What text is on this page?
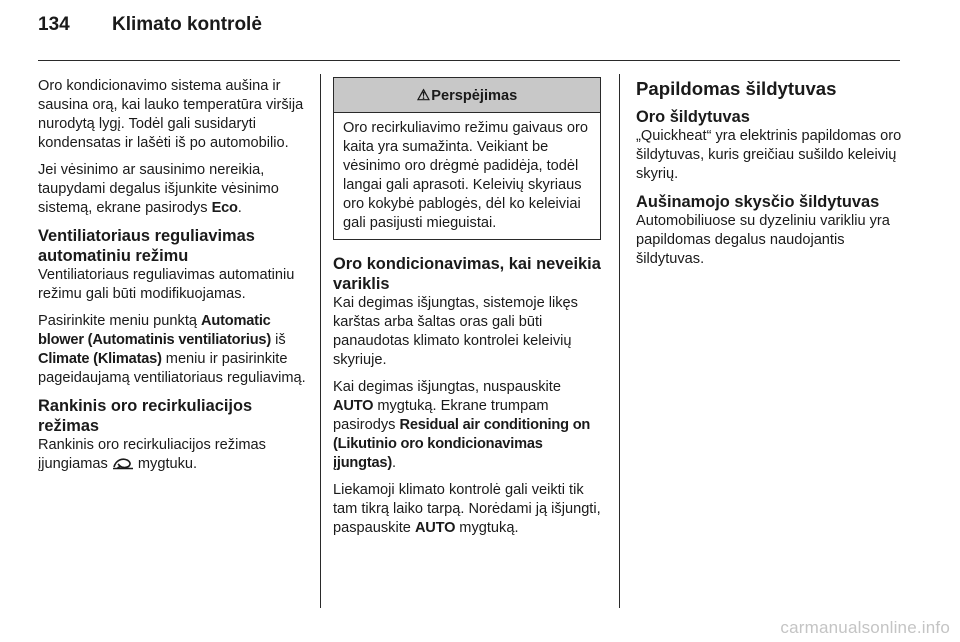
134 Klimato kontrolė

Oro kondicionavimo sistema aušina ir sausina orą, kai lauko temperatūra viršija nurodytą lygį. Todėl gali susidaryti kondensatas ir lašėti iš po automobilio.

Jei vėsinimo ar sausinimo nereikia, taupydami degalus išjunkite vėsinimo sistemą, ekrane pasirodys Eco.

Ventiliatoriaus reguliavimas automatiniu režimu

Ventiliatoriaus reguliavimas automatiniu režimu gali būti modifikuojamas.

Pasirinkite meniu punktą Automatic blower (Automatinis ventiliatorius) iš Climate (Klimatas) meniu ir pasirinkite pageidaujamą ventiliatoriaus reguliavimą.

Rankinis oro recirkuliacijos režimas

Rankinis oro recirkuliacijos režimas įjungiamas  mygtuku.

⚠Perspėjimas
Oro recirkuliavimo režimu gaivaus oro kaita yra sumažinta. Veikiant be vėsinimo oro drėgmė padidėja, todėl langai gali aprasoti. Keleivių skyriaus oro kokybė pablogės, dėl ko keleiviai gali pasijusti mieguistai.
Oro kondicionavimas, kai neveikia variklis

Kai degimas išjungtas, sistemoje likęs karštas arba šaltas oras gali būti panaudotas klimato kontrolei keleivių skyriuje.

Kai degimas išjungtas, nuspauskite AUTO mygtuką. Ekrane trumpam pasirodys Residual air conditioning on (Likutinio oro kondicionavimas įjungtas).

Liekamoji klimato kontrolė gali veikti tik tam tikrą laiko tarpą. Norėdami ją išjungti, paspauskite AUTO mygtuką.

Papildomas šildytuvas
Oro šildytuvas

„Quickheat“ yra elektrinis papildomas oro šildytuvas, kuris greičiau sušildo keleivių skyrių.

Aušinamojo skysčio šildytuvas

Automobiliuose su dyzeliniu varikliu yra papildomas degalus naudojantis šildytuvas.

carmanualsonline.info
